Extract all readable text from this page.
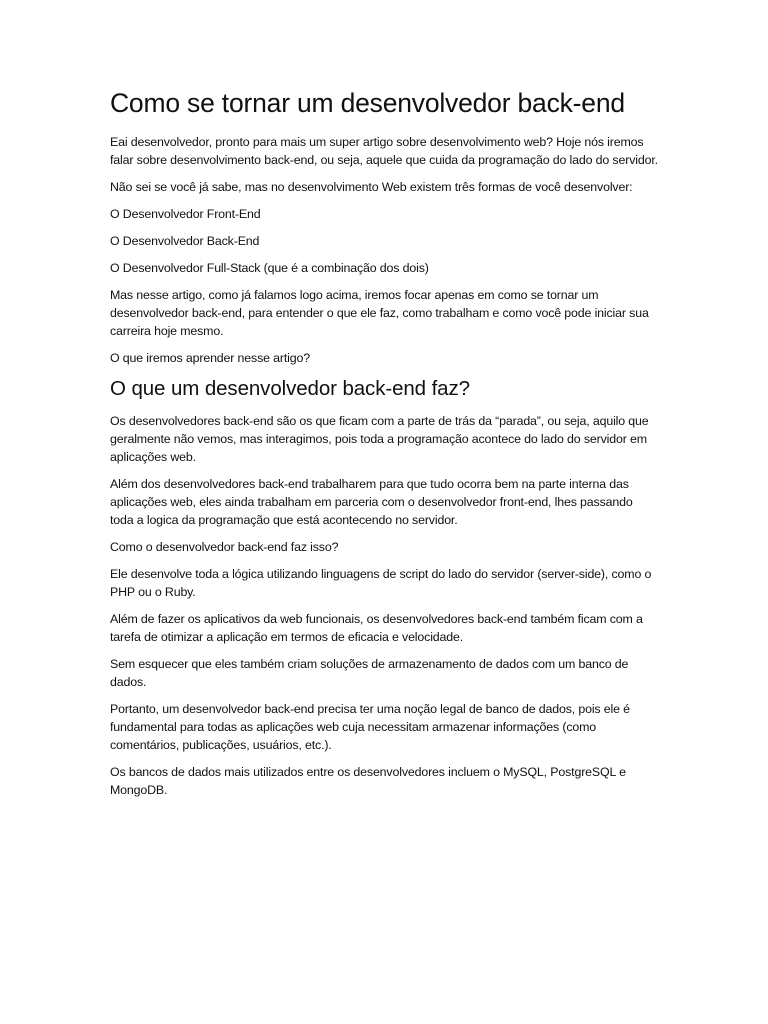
Como se tornar um desenvolvedor back-end

Eai desenvolvedor, pronto para mais um super artigo sobre desenvolvimento web? Hoje nós iremos falar sobre desenvolvimento back-end, ou seja, aquele que cuida da programação do lado do servidor.

Não sei se você já sabe, mas no desenvolvimento Web existem três formas de você desenvolver:

O Desenvolvedor Front-End

O Desenvolvedor Back-End

O Desenvolvedor Full-Stack (que é a combinação dos dois)

Mas nesse artigo, como já falamos logo acima, iremos focar apenas em como se tornar um desenvolvedor back-end, para entender o que ele faz, como trabalham e como você pode iniciar sua carreira hoje mesmo.

O que iremos aprender nesse artigo?

O que um desenvolvedor back-end faz?

Os desenvolvedores back-end são os que ficam com a parte de trás da “parada”, ou seja, aquilo que geralmente não vemos, mas interagimos, pois toda a programação acontece do lado do servidor em aplicações web.

Além dos desenvolvedores back-end trabalharem para que tudo ocorra bem na parte interna das aplicações web, eles ainda trabalham em parceria com o desenvolvedor front-end, lhes passando toda a logica da programação que está acontecendo no servidor.

Como o desenvolvedor back-end faz isso?

Ele desenvolve toda a lógica utilizando linguagens de script do lado do servidor (server-side), como o PHP ou o Ruby.

Além de fazer os aplicativos da web funcionais, os desenvolvedores back-end também ficam com a tarefa de otimizar a aplicação em termos de eficacia e velocidade.

Sem esquecer que eles também criam soluções de armazenamento de dados com um banco de dados.

Portanto, um desenvolvedor back-end precisa ter uma noção legal de banco de dados, pois ele é fundamental para todas as aplicações web cuja necessitam armazenar informações (como comentários, publicações, usuários, etc.).

Os bancos de dados mais utilizados entre os desenvolvedores incluem o MySQL, PostgreSQL e MongoDB.
